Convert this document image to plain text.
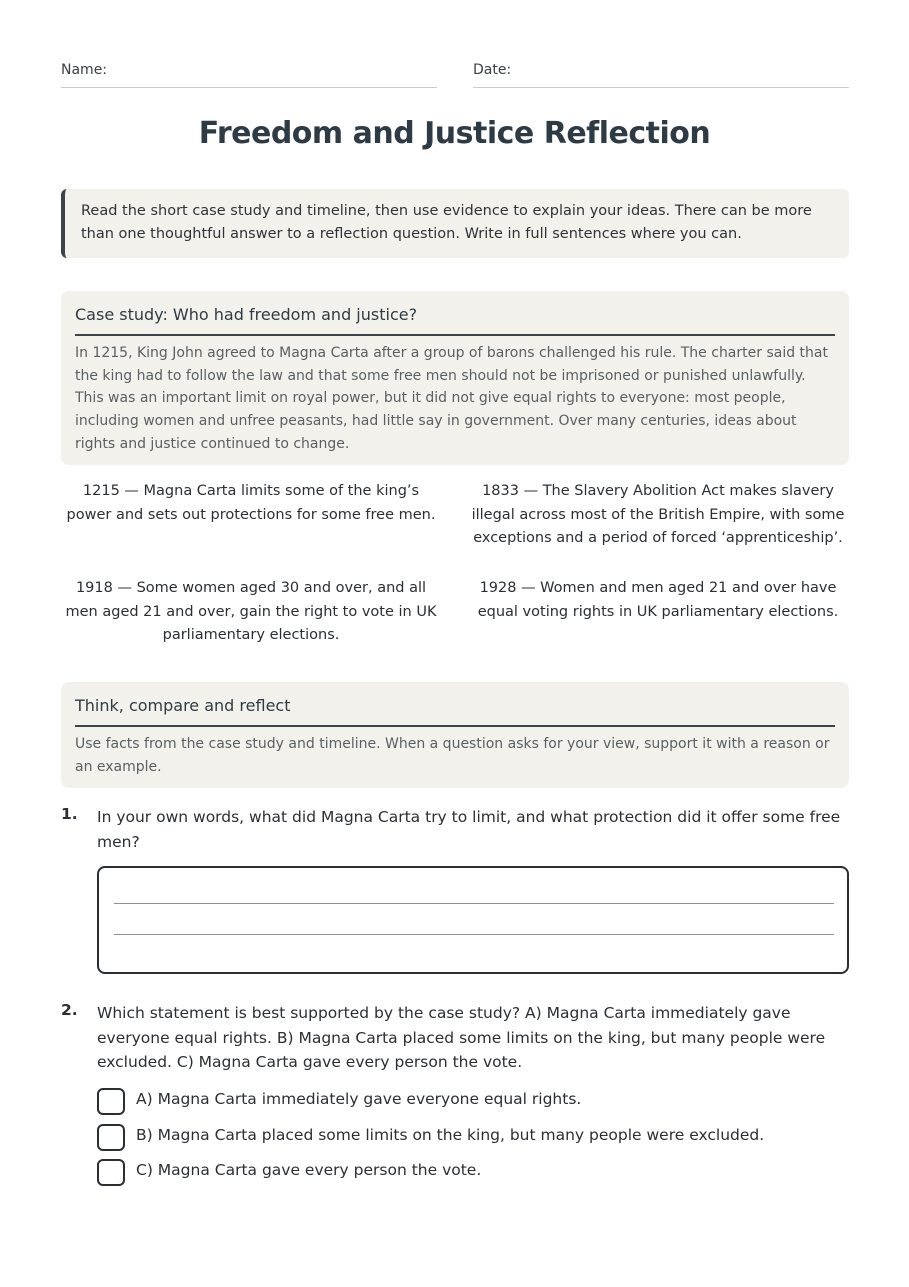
Name:	Date:
Freedom and Justice Reflection
Read the short case study and timeline, then use evidence to explain your ideas. There can be more than one thoughtful answer to a reflection question. Write in full sentences where you can.
Case study: Who had freedom and justice?
In 1215, King John agreed to Magna Carta after a group of barons challenged his rule. The charter said that the king had to follow the law and that some free men should not be imprisoned or punished unlawfully. This was an important limit on royal power, but it did not give equal rights to everyone: most people, including women and unfree peasants, had little say in government. Over many centuries, ideas about rights and justice continued to change.
1215 — Magna Carta limits some of the king’s power and sets out protections for some free men.
1833 — The Slavery Abolition Act makes slavery illegal across most of the British Empire, with some exceptions and a period of forced ‘apprenticeship’.
1918 — Some women aged 30 and over, and all men aged 21 and over, gain the right to vote in UK parliamentary elections.
1928 — Women and men aged 21 and over have equal voting rights in UK parliamentary elections.
Think, compare and reflect
Use facts from the case study and timeline. When a question asks for your view, support it with a reason or an example.
1. In your own words, what did Magna Carta try to limit, and what protection did it offer some free men?
2. Which statement is best supported by the case study? A) Magna Carta immediately gave everyone equal rights. B) Magna Carta placed some limits on the king, but many people were excluded. C) Magna Carta gave every person the vote.
A) Magna Carta immediately gave everyone equal rights.
B) Magna Carta placed some limits on the king, but many people were excluded.
C) Magna Carta gave every person the vote.
